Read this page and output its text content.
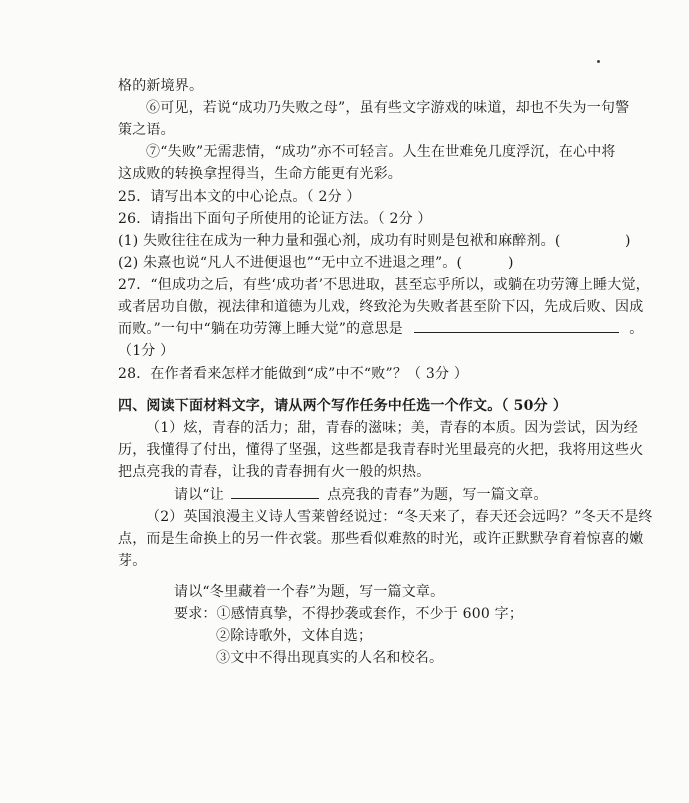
格的新境界。
⑥可见，若说“成功乃失败之母”，虽有些文字游戏的味道，却也不失为一句警
策之语。
⑦“失败”无需悲情，“成功”亦不可轻言。人生在世难免几度浮沉，在心中将
这成败的转换拿捏得当，生命方能更有光彩。
25．请写出本文的中心论点。（ 2分 ）
26．请指出下面句子所使用的论证方法。（ 2分 ）
(1) 失败往往在成为一种力量和强心剂，成功有时则是包袱和麻醉剂。(	)
(2) 朱熹也说“凡人不进便退也”“无中立不进退之理”。(	)
27．“但成功之后，有些‘成功者’不思进取，甚至忘乎所以，或躺在功劳簿上睡大觉，
或者居功自傲，视法律和道德为儿戏，终致沦为失败者甚至阶下囚，先成后败、因成
而败。”一句中“躺在功劳簿上睡大觉”的意思是	。
（1分 ）
28．在作者看来怎样才能做到“成”中不“败”？（ 3分 ）
四、阅读下面材料文字，请从两个写作任务中任选一个作文。（ 50分 ）
（1）炫，青春的活力；甜，青春的滋味；美，青春的本质。因为尝试，因为经
历，我懂得了付出，懂得了坚强，这些都是我青春时光里最亮的火把，我将用这些火
把点亮我的青春，让我的青春拥有火一般的炽热。
请以“让	点亮我的青春”为题，写一篇文章。
（2）英国浪漫主义诗人雪莱曾经说过：“冬天来了，春天还会远吗？”冬天不是终
点，而是生命换上的另一件衣裳。那些看似难熬的时光，或许正默默孕育着惊喜的嫩
芽。
请以“冬里藏着一个春”为题，写一篇文章。
要求：①感情真挚，不得抄袭或套作，不少于 600 字；
②除诗歌外，文体自选；
③文中不得出现真实的人名和校名。
